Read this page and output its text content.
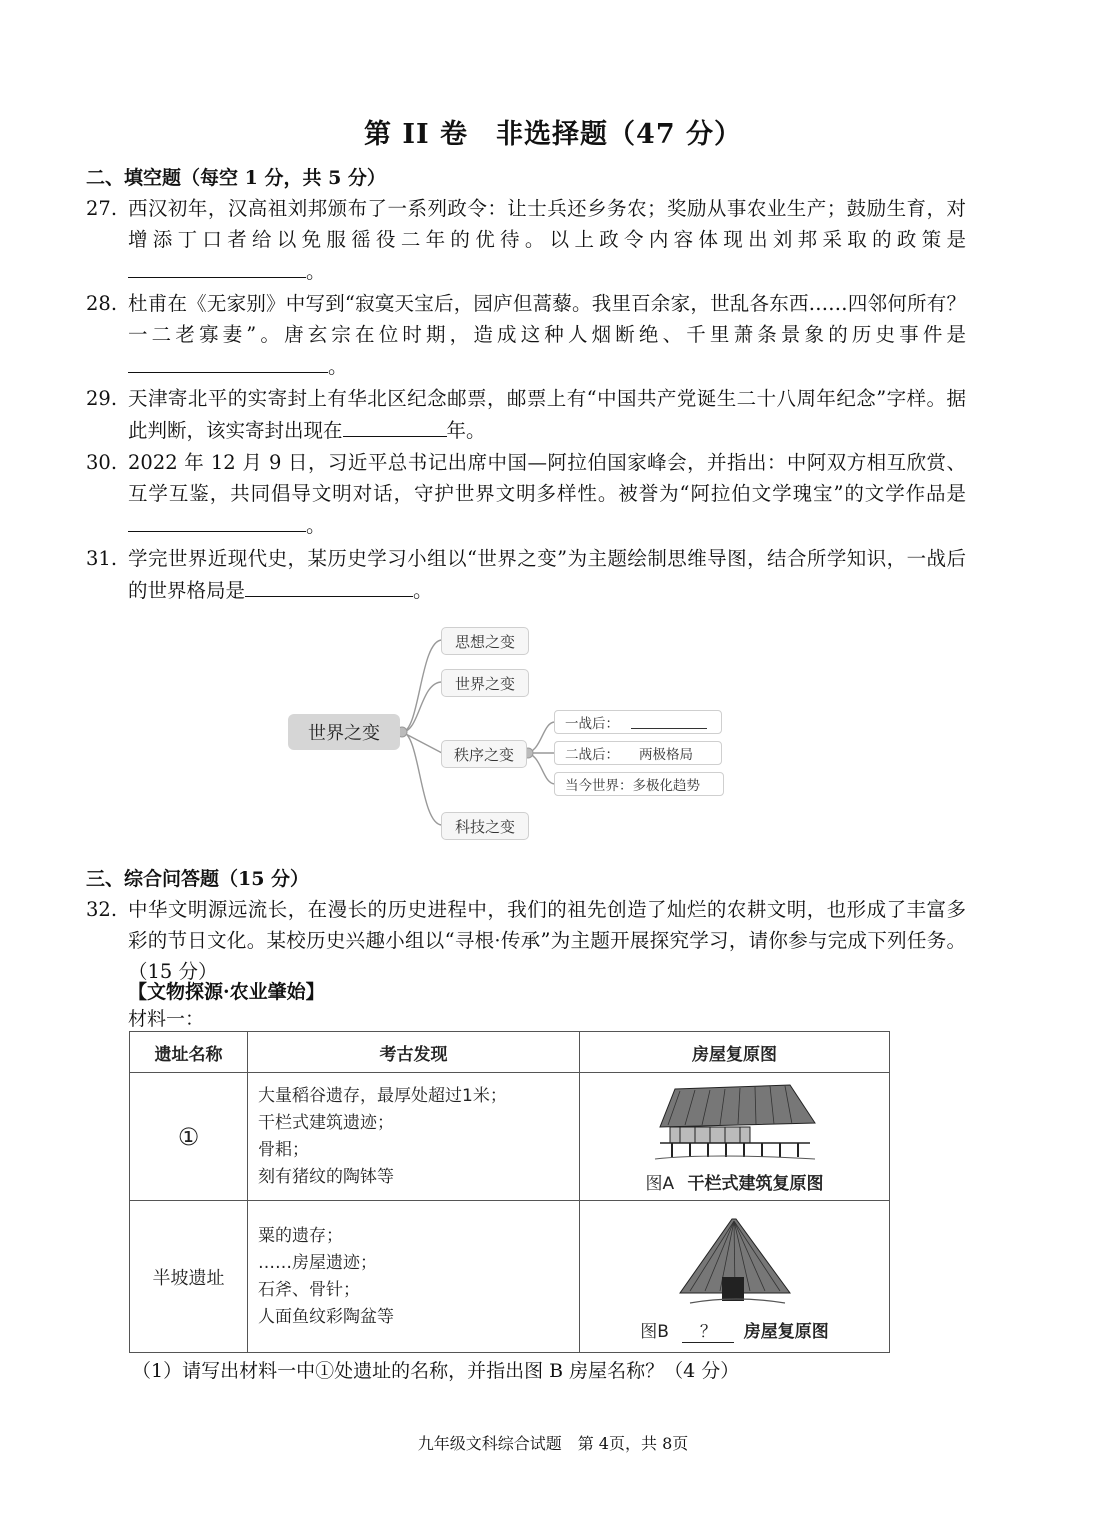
第 II 卷　非选择题（47 分）
二、填空题（每空 1 分，共 5 分）
27. 西汉初年，汉高祖刘邦颁布了一系列政令：让士兵还乡务农；奖励从事农业生产；鼓励生育，对增添丁口者给以免服徭役二年的优待。以上政令内容体现出刘邦采取的政策是。
28. 杜甫在《无家别》中写到“寂寞天宝后，园庐但蒿藜。我里百余家，世乱各东西……四邻何所有？一二老寡妻”。唐玄宗在位时期，造成这种人烟断绝、千里萧条景象的历史事件是。
29. 天津寄北平的实寄封上有华北区纪念邮票，邮票上有“中国共产党诞生二十八周年纪念”字样。据此判断，该实寄封出现在	年。
30. 2022 年 12 月 9 日，习近平总书记出席中国—阿拉伯国家峰会，并指出：中阿双方相互欣赏、互学互鉴，共同倡导文明对话，守护世界文明多样性。被誉为“阿拉伯文学瑰宝”的文学作品是。
31. 学完世界近现代史，某历史学习小组以“世界之变”为主题绘制思维导图，结合所学知识，一战后的世界格局是	。
世界之变
思想之变
世界之变
秩序之变
科技之变
一战后：
二战后： 两极格局
当今世界： 多极化趋势
三、综合问答题（15 分）
32. 中华文明源远流长，在漫长的历史进程中，我们的祖先创造了灿烂的农耕文明，也形成了丰富多彩的节日文化。某校历史兴趣小组以“寻根·传承”为主题开展探究学习，请你参与完成下列任务。（15 分）
【文物探源·农业肇始】
材料一：
遗址名称	考古发现	房屋复原图
①	大量稻谷遗存，最厚处超过1米；
干栏式建筑遗迹；
骨耜；
刻有猪纹的陶钵等	图A 干栏式建筑复原图

半坡遗址	粟的遗存；
……房屋遗迹；
石斧、骨针；
人面鱼纹彩陶盆等	图B ？ 房屋复原图
（1）请写出材料一中①处遗址的名称，并指出图 B 房屋名称？（4 分）
九年级文科综合试题　第 4页，共 8页
